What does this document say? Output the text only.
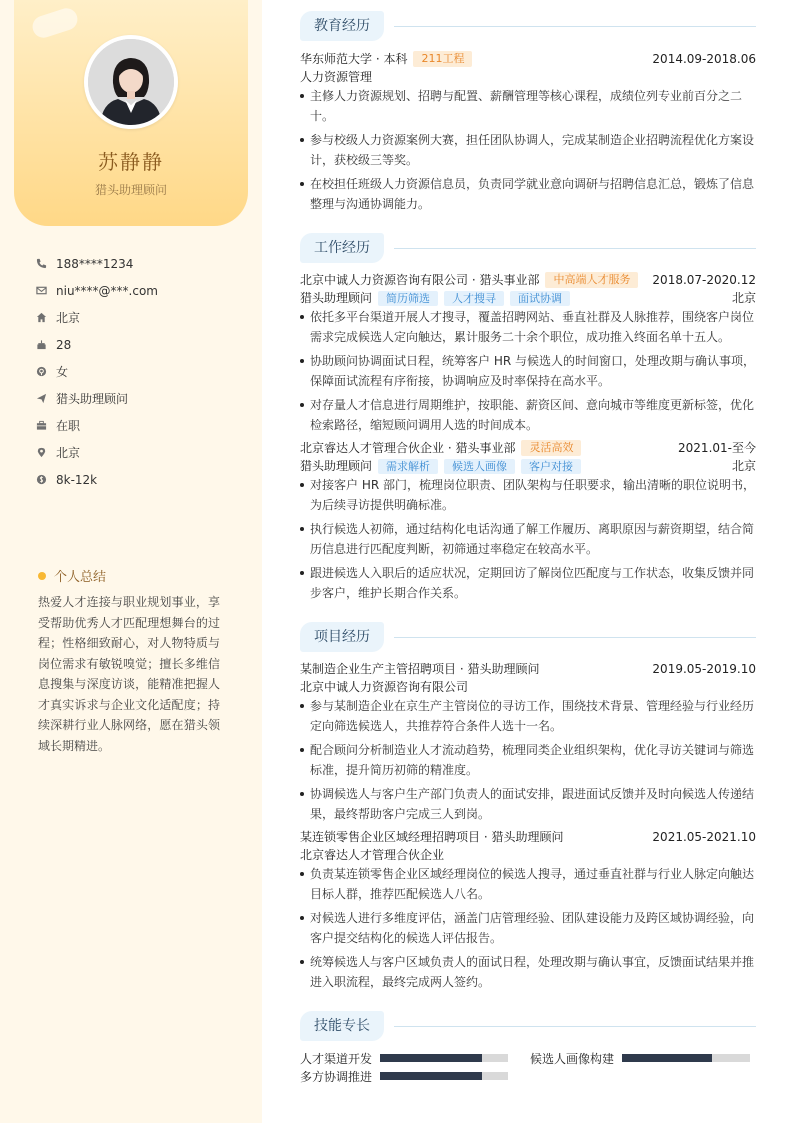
苏静静
猎头助理顾问
188****1234
niu****@***.com
北京
28
女
猎头助理顾问
在职
北京
8k-12k
个人总结
热爱人才连接与职业规划事业，享受帮助优秀人才匹配理想舞台的过程；性格细致耐心，对人物特质与岗位需求有敏锐嗅觉；擅长多维信息搜集与深度访谈，能精准把握人才真实诉求与企业文化适配度；持续深耕行业人脉网络，愿在猎头领域长期精进。
教育经历
华东师范大学 · 本科	211工程	2014.09-2018.06
人力资源管理
主修人力资源规划、招聘与配置、薪酬管理等核心课程，成绩位列专业前百分之二十。
参与校级人力资源案例大赛，担任团队协调人，完成某制造企业招聘流程优化方案设计，获校级三等奖。
在校担任班级人力资源信息员，负责同学就业意向调研与招聘信息汇总，锻炼了信息整理与沟通协调能力。
工作经历
北京中诚人力资源咨询有限公司 · 猎头事业部	中高端人才服务	2018.07-2020.12
猎头助理顾问	简历筛选	人才搜寻	面试协调	北京
依托多平台渠道开展人才搜寻，覆盖招聘网站、垂直社群及人脉推荐，围绕客户岗位需求完成候选人定向触达，累计服务二十余个职位，成功推入终面名单十五人。
协助顾问协调面试日程，统筹客户 HR 与候选人的时间窗口，处理改期与确认事项，保障面试流程有序衔接，协调响应及时率保持在高水平。
对存量人才信息进行周期维护，按职能、薪资区间、意向城市等维度更新标签，优化检索路径，缩短顾问调用人选的时间成本。
北京睿达人才管理合伙企业 · 猎头事业部	灵活高效	2021.01-至今
猎头助理顾问	需求解析	候选人画像	客户对接	北京
对接客户 HR 部门，梳理岗位职责、团队架构与任职要求，输出清晰的职位说明书，为后续寻访提供明确标准。
执行候选人初筛，通过结构化电话沟通了解工作履历、离职原因与薪资期望，结合简历信息进行匹配度判断，初筛通过率稳定在较高水平。
跟进候选人入职后的适应状况，定期回访了解岗位匹配度与工作状态，收集反馈并同步客户，维护长期合作关系。
项目经历
某制造企业生产主管招聘项目 · 猎头助理顾问	2019.05-2019.10
北京中诚人力资源咨询有限公司
参与某制造企业在京生产主管岗位的寻访工作，围绕技术背景、管理经验与行业经历定向筛选候选人，共推荐符合条件人选十一名。
配合顾问分析制造业人才流动趋势，梳理同类企业组织架构，优化寻访关键词与筛选标准，提升简历初筛的精准度。
协调候选人与客户生产部门负责人的面试安排，跟进面试反馈并及时向候选人传递结果，最终帮助客户完成三人到岗。
某连锁零售企业区域经理招聘项目 · 猎头助理顾问	2021.05-2021.10
北京睿达人才管理合伙企业
负责某连锁零售企业区域经理岗位的候选人搜寻，通过垂直社群与行业人脉定向触达目标人群，推荐匹配候选人八名。
对候选人进行多维度评估，涵盖门店管理经验、团队建设能力及跨区域协调经验，向客户提交结构化的候选人评估报告。
统筹候选人与客户区域负责人的面试日程，处理改期与确认事宜，反馈面试结果并推进入职流程，最终完成两人签约。
技能专长
人才渠道开发	候选人画像构建
多方协调推进
